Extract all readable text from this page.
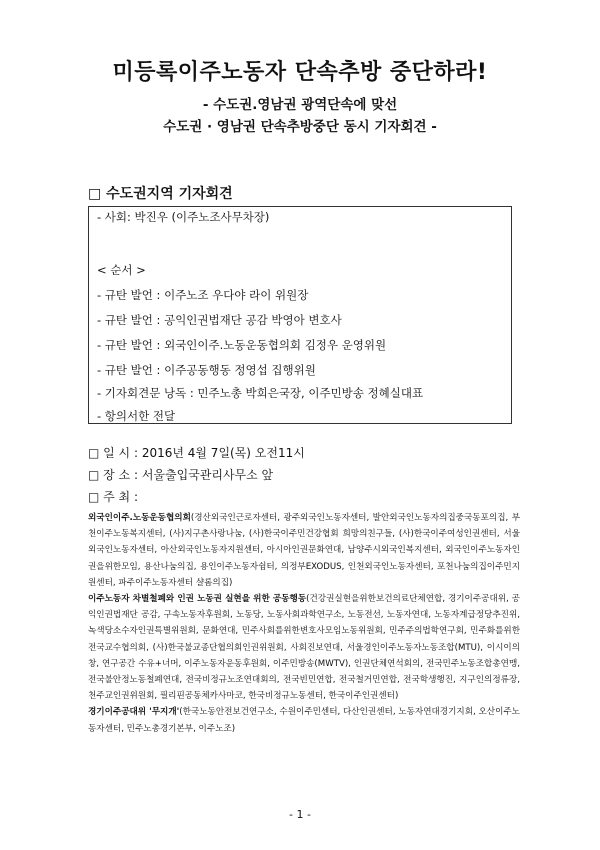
미등록이주노동자 단속추방 중단하라!
- 수도권.영남권 광역단속에 맞선
수도권 · 영남권 단속추방중단 동시 기자회견 -
□ 수도권지역 기자회견
- 사회: 박진우 (이주노조사무차장)
< 순서 >
- 규탄 발언 : 이주노조 우다야 라이 위원장
- 규탄 발언 : 공익인권법재단 공감 박영아 변호사
- 규탄 발언 : 외국인이주.노동운동협의회 김정우 운영위원
- 규탄 발언 : 이주공동행동 정영섭 집행위원
- 기자회견문 낭독 : 민주노총 박희은국장, 이주민방송 정혜실대표
- 항의서한 전달
□ 일 시 : 2016년 4월 7일(목) 오전11시
□ 장 소 : 서울출입국관리사무소 앞
□ 주 최 :
외국인이주.노동운동협의회(경산외국인근로자센터, 광주외국인노동자센터, 발안외국인노동자의집중국동포의집, 부천이주노동복지센터, (사)지구촌사랑나눔, (사)한국이주민건강협회 희망의친구들, (사)한국이주여성인권센터, 서울외국인노동자센터, 아산외국인노동자지원센터, 아시아인권문화연대, 남양주시외국인복지센터, 외국인이주노동자인권을위한모임, 용산나눔의집, 용인이주노동자쉼터, 의정부EXODUS, 인천외국인노동자센터, 포천나눔의집이주민지원센터, 파주이주노동자센터 샬롬의집)
이주노동자 차별철폐와 인권 노동권 실현을 위한 공동행동(건강권실현을위한보건의료단체연합, 경기이주공대위, 공익인권법재단 공감, 구속노동자후원회, 노동당, 노동사회과학연구소, 노동전선, 노동자연대, 노동자계급정당추진위, 녹색당소수자인권특별위원회, 문화연대, 민주사회를위한변호사모임노동위원회, 민주주의법학연구회, 민주화를위한전국교수협의회, (사)한국불교종단협의회인권위원회, 사회진보연대, 서울경인이주노동자노동조합(MTU), 이시이의창, 연구공간 수유+너머, 이주노동자운동후원회, 이주민방송(MWTV), 인권단체연석회의, 전국민주노동조합총연맹, 전국불안정노동철폐연대, 전국비정규노조연대회의, 전국빈민연합, 전국철거민연합, 전국학생행진, 지구인의정류장, 천주교인권위원회, 필리핀공동체카사마코, 한국비정규노동센터, 한국이주인권센터)
경기이주공대위 '무지개'(한국노동안전보건연구소, 수원이주민센터, 다산인권센터, 노동자연대경기지회, 오산이주노동자센터, 민주노총경기본부, 이주노조)
- 1 -
